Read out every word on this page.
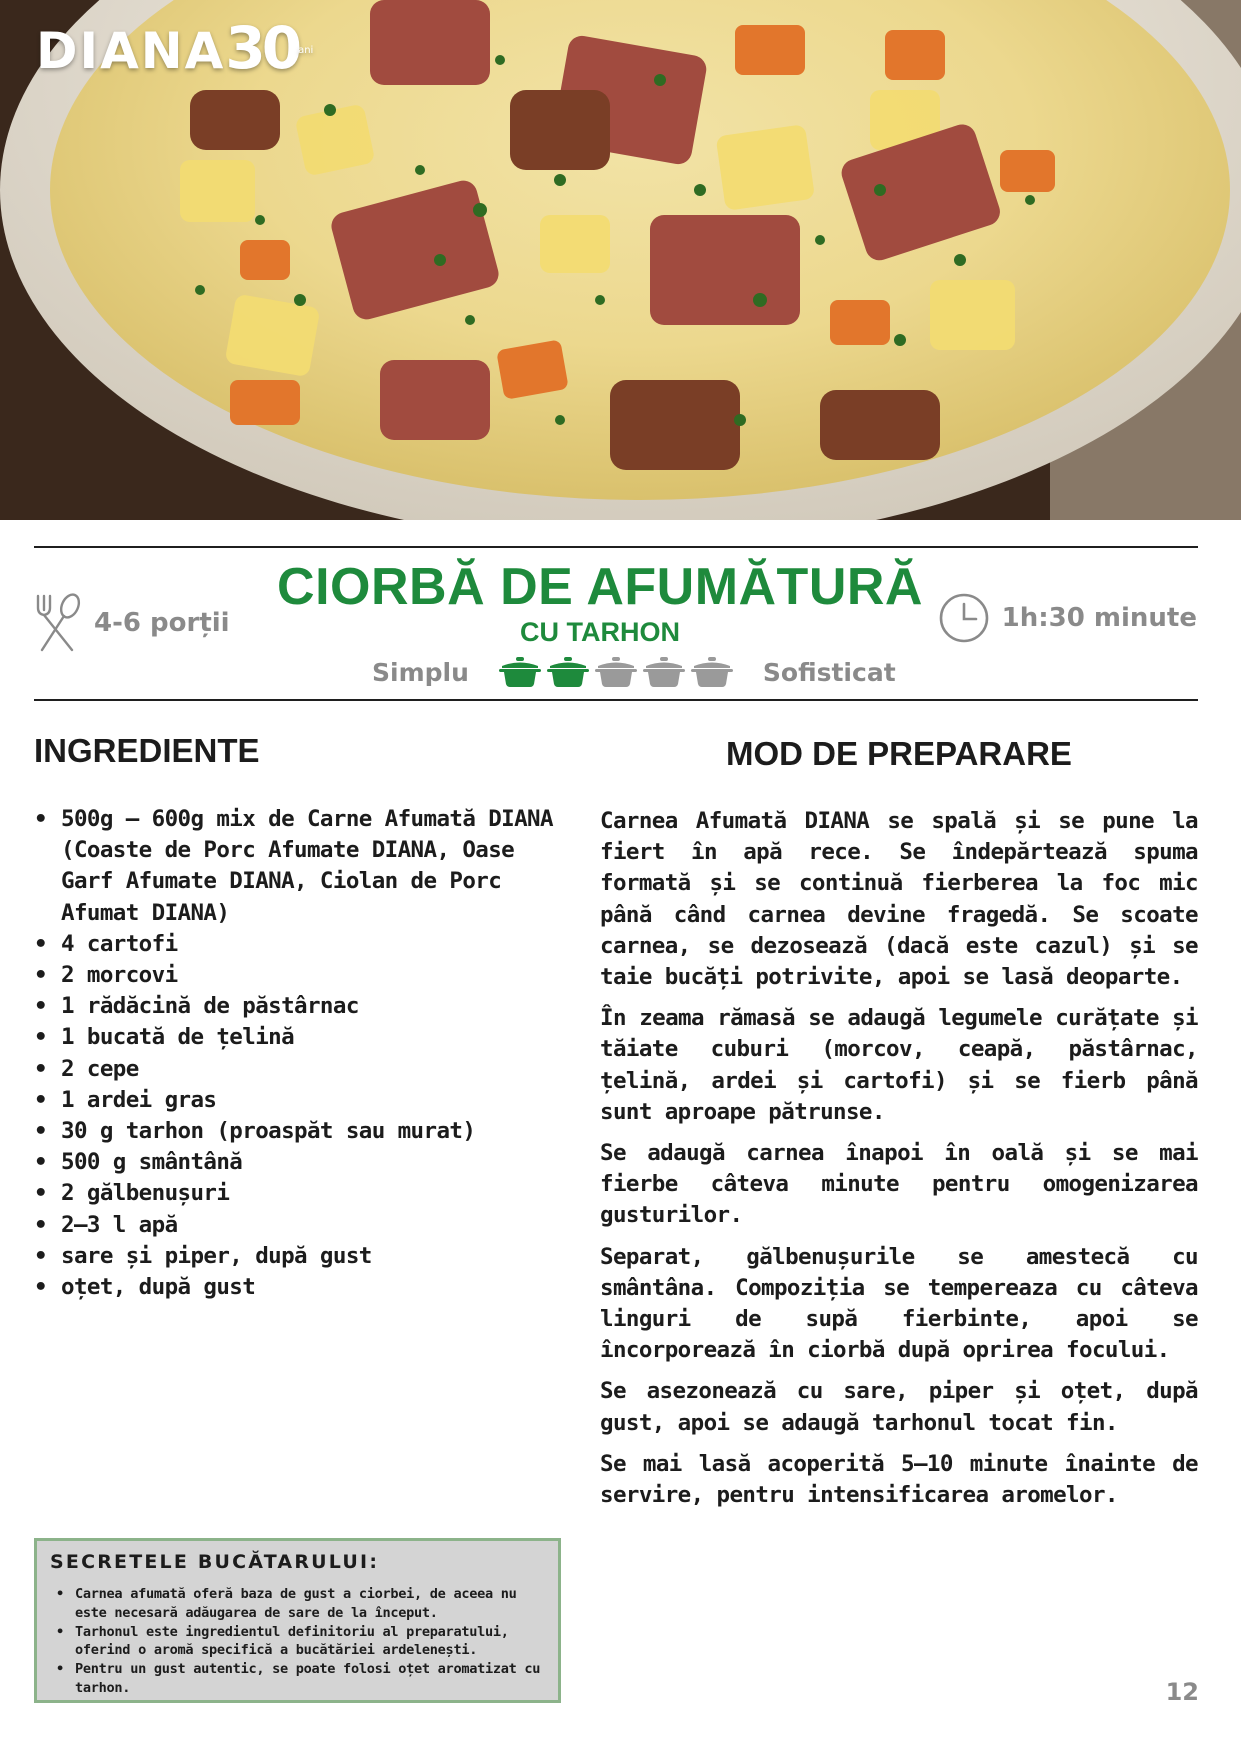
DIANA30ani
4-6 porții
CIORBĂ DE AFUMĂTURĂ
CU TARHON	1h:30 minute
Simplu	Sofisticat
INGREDIENTE
• 500g – 600g mix de Carne Afumată DIANA (Coaste de Porc Afumate DIANA, Oase Garf Afumate DIANA, Ciolan de Porc Afumat DIANA)
• 4 cartofi
• 2 morcovi
• 1 rădăcină de păstârnac
• 1 bucată de țelină
• 2 cepe
• 1 ardei gras
• 30 g tarhon (proaspăt sau murat)
• 500 g smântână
• 2 gălbenușuri
• 2–3 l apă
• sare și piper, după gust
• oțet, după gust
MOD DE PREPARARE

Carnea Afumată DIANA se spală și se pune la fiert în apă rece. Se îndepărtează spuma formată și se continuă fierberea la foc mic până când carnea devine fragedă. Se scoate carnea, se dezosează (dacă este cazul) și se taie bucăți potrivite, apoi se lasă deoparte.

În zeama rămasă se adaugă legumele curățate și tăiate cuburi (morcov, ceapă, păstârnac, țelină, ardei și cartofi) și se fierb până sunt aproape pătrunse.

Se adaugă carnea înapoi în oală și se mai fierbe câteva minute pentru omogenizarea gusturilor.

Separat, gălbenușurile se amestecă cu smântâna. Compoziția se tempereaza cu câteva linguri de supă fierbinte, apoi se încorporează în ciorbă după oprirea focului.

Se asezonează cu sare, piper și oțet, după gust, apoi se adaugă tarhonul tocat fin.

Se mai lasă acoperită 5–10 minute înainte de servire, pentru intensificarea aromelor.

SECRETELE BUCĂTARULUI:
• Carnea afumată oferă baza de gust a ciorbei, de aceea nu este necesară adăugarea de sare de la început.
• Tarhonul este ingredientul definitoriu al preparatului, oferind o aromă specifică a bucătăriei ardelenești.
• Pentru un gust autentic, se poate folosi oțet aromatizat cu tarhon.	12
